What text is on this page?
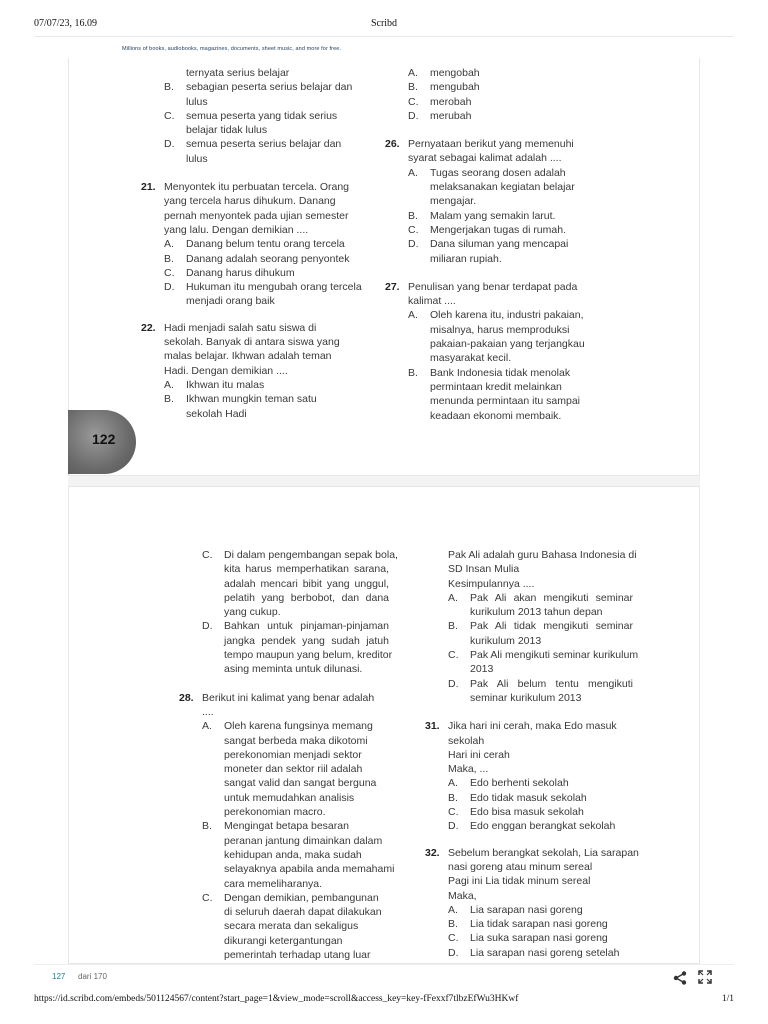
07/07/23, 16.09	Scribd
Millions of books, audiobooks, magazines, documents, sheet music, and more for free.

ternyata serius belajar

B. sebagian peserta serius belajar dan

lulus

C. semua peserta yang tidak serius

belajar tidak lulus

D. semua peserta serius belajar dan

lulus

21. Menyontek itu perbuatan tercela. Orang

yang tercela harus dihukum. Danang

pernah menyontek pada ujian semester

yang lalu. Dengan demikian ....

A. Danang belum tentu orang tercela

B. Danang adalah seorang penyontek

C. Danang harus dihukum

D. Hukuman itu mengubah orang tercela

menjadi orang baik

22. Hadi menjadi salah satu siswa di

sekolah. Banyak di antara siswa yang

malas belajar. Ikhwan adalah teman

Hadi. Dengan demikian ....

A. Ikhwan itu malas

B. Ikhwan mungkin teman satu

sekolah Hadi

A. mengobah

B. mengubah

C. merobah

D. merubah

26. Pernyataan berikut yang memenuhi

syarat sebagai kalimat adalah ....

A. Tugas seorang dosen adalah

melaksanakan kegiatan belajar

mengajar.

B. Malam yang semakin larut.

C. Mengerjakan tugas di rumah.

D. Dana siluman yang mencapai

miliaran rupiah.

27. Penulisan yang benar terdapat pada

kalimat ....

A. Oleh karena itu, industri pakaian,

misalnya, harus memproduksi

pakaian-pakaian yang terjangkau

masyarakat kecil.

B. Bank Indonesia tidak menolak

permintaan kredit melainkan

menunda permintaan itu sampai

keadaan ekonomi membaik.

122

C. Di dalam pengembangan sepak bola,

kita harus memperhatikan sarana,

adalah mencari bibit yang unggul,

pelatih yang berbobot, dan dana

yang cukup.

D. Bahkan untuk pinjaman-pinjaman

jangka pendek yang sudah jatuh

tempo maupun yang belum, kreditor

asing meminta untuk dilunasi.

28. Berikut ini kalimat yang benar adalah

....

A. Oleh karena fungsinya memang

sangat berbeda maka dikotomi

perekonomian menjadi sektor

moneter dan sektor riil adalah

sangat valid dan sangat berguna

untuk memudahkan analisis

perekonomian macro.

B. Mengingat betapa besaran

peranan jantung dimainkan dalam

kehidupan anda, maka sudah

selayaknya apabila anda memahami

cara memeliharanya.

C. Dengan demikian, pembangunan

di seluruh daerah dapat dilakukan

secara merata dan sekaligus

dikurangi ketergantungan

pemerintah terhadap utang luar

Pak Ali adalah guru Bahasa Indonesia di

SD Insan Mulia

Kesimpulannya ....

A. Pak Ali akan mengikuti seminar

kurikulum 2013 tahun depan

B. Pak Ali tidak mengikuti seminar

kurikulum 2013

C. Pak Ali mengikuti seminar kurikulum

2013

D. Pak Ali belum tentu mengikuti

seminar kurikulum 2013

31. Jika hari ini cerah, maka Edo masuk

sekolah

Hari ini cerah

Maka, ...

A. Edo berhenti sekolah

B. Edo tidak masuk sekolah

C. Edo bisa masuk sekolah

D. Edo enggan berangkat sekolah

32. Sebelum berangkat sekolah, Lia sarapan

nasi goreng atau minum sereal

Pagi ini Lia tidak minum sereal

Maka,

A. Lia sarapan nasi goreng

B. Lia tidak sarapan nasi goreng

C. Lia suka sarapan nasi goreng

D. Lia sarapan nasi goreng setelah

127 dari 170
https://id.scribd.com/embeds/501124567/content?start_page=1&view_mode=scroll&access_key=key-fFexxf7tlbzEfWu3HKwf	1/1
